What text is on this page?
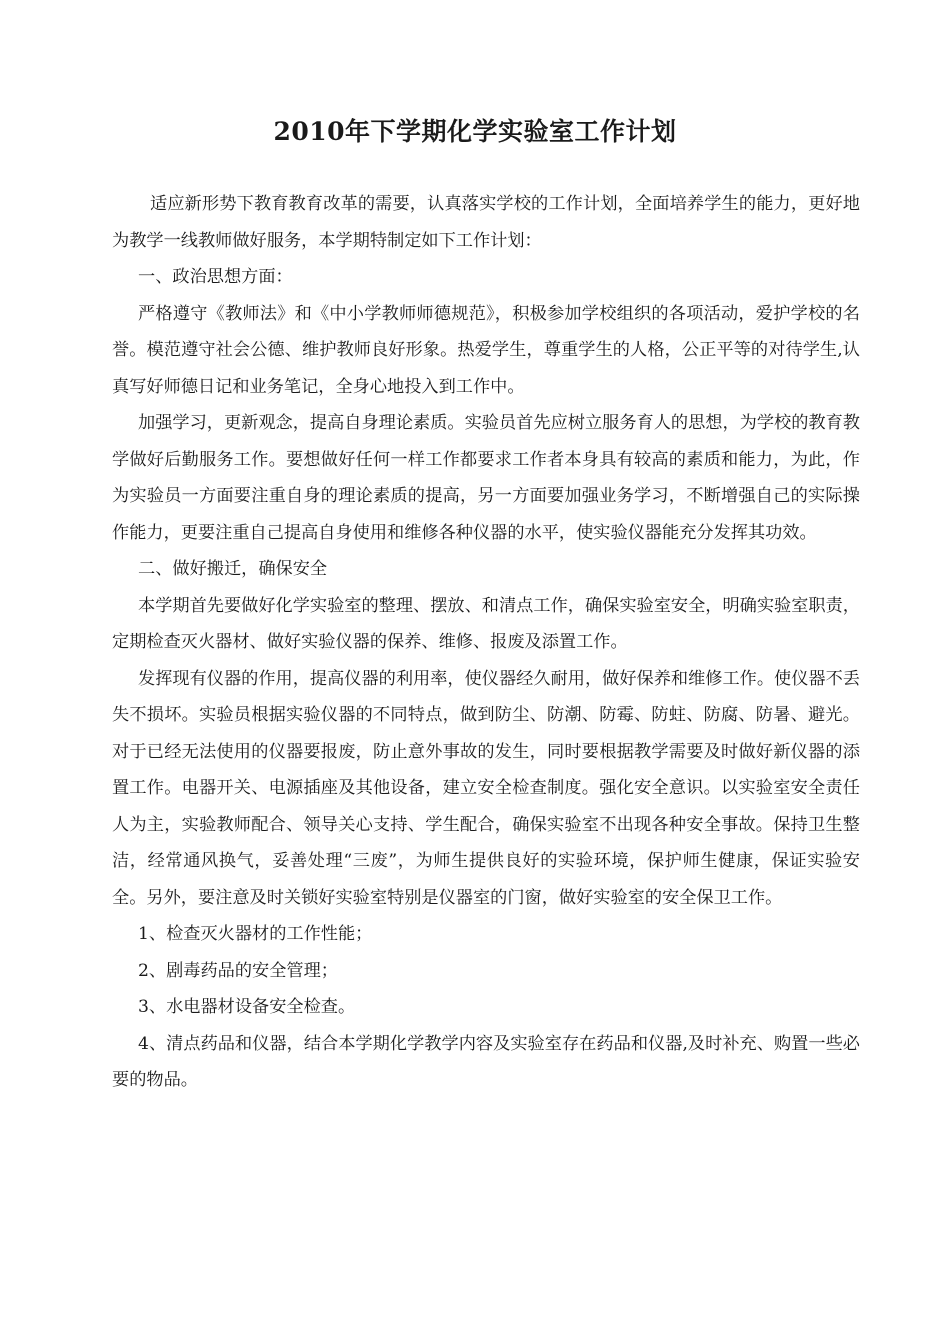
2010年下学期化学实验室工作计划

适应新形势下教育教育改革的需要，认真落实学校的工作计划，全面培养学生的能力，更好地为教学一线教师做好服务，本学期特制定如下工作计划：

一、政治思想方面：

严格遵守《教师法》和《中小学教师师德规范》，积极参加学校组织的各项活动，爱护学校的名誉。模范遵守社会公德、维护教师良好形象。热爱学生，尊重学生的人格，公正平等的对待学生,认真写好师德日记和业务笔记，全身心地投入到工作中。

加强学习，更新观念，提高自身理论素质。实验员首先应树立服务育人的思想，为学校的教育教学做好后勤服务工作。要想做好任何一样工作都要求工作者本身具有较高的素质和能力，为此，作为实验员一方面要注重自身的理论素质的提高，另一方面要加强业务学习，不断增强自己的实际操作能力，更要注重自己提高自身使用和维修各种仪器的水平，使实验仪器能充分发挥其功效。

二、做好搬迁，确保安全

本学期首先要做好化学实验室的整理、摆放、和清点工作，确保实验室安全，明确实验室职责，定期检查灭火器材、做好实验仪器的保养、维修、报废及添置工作。

发挥现有仪器的作用，提高仪器的利用率，使仪器经久耐用，做好保养和维修工作。使仪器不丢失不损坏。实验员根据实验仪器的不同特点，做到防尘、防潮、防霉、防蛀、防腐、防暑、避光。对于已经无法使用的仪器要报废，防止意外事故的发生，同时要根据教学需要及时做好新仪器的添置工作。电器开关、电源插座及其他设备，建立安全检查制度。强化安全意识。以实验室安全责任人为主，实验教师配合、领导关心支持、学生配合，确保实验室不出现各种安全事故。保持卫生整洁，经常通风换气，妥善处理“三废”，为师生提供良好的实验环境，保护师生健康，保证实验安全。另外，要注意及时关锁好实验室特别是仪器室的门窗，做好实验室的安全保卫工作。

1、检查灭火器材的工作性能；

2、剧毒药品的安全管理；

3、水电器材设备安全检查。

4、清点药品和仪器，结合本学期化学教学内容及实验室存在药品和仪器,及时补充、购置一些必要的物品。
